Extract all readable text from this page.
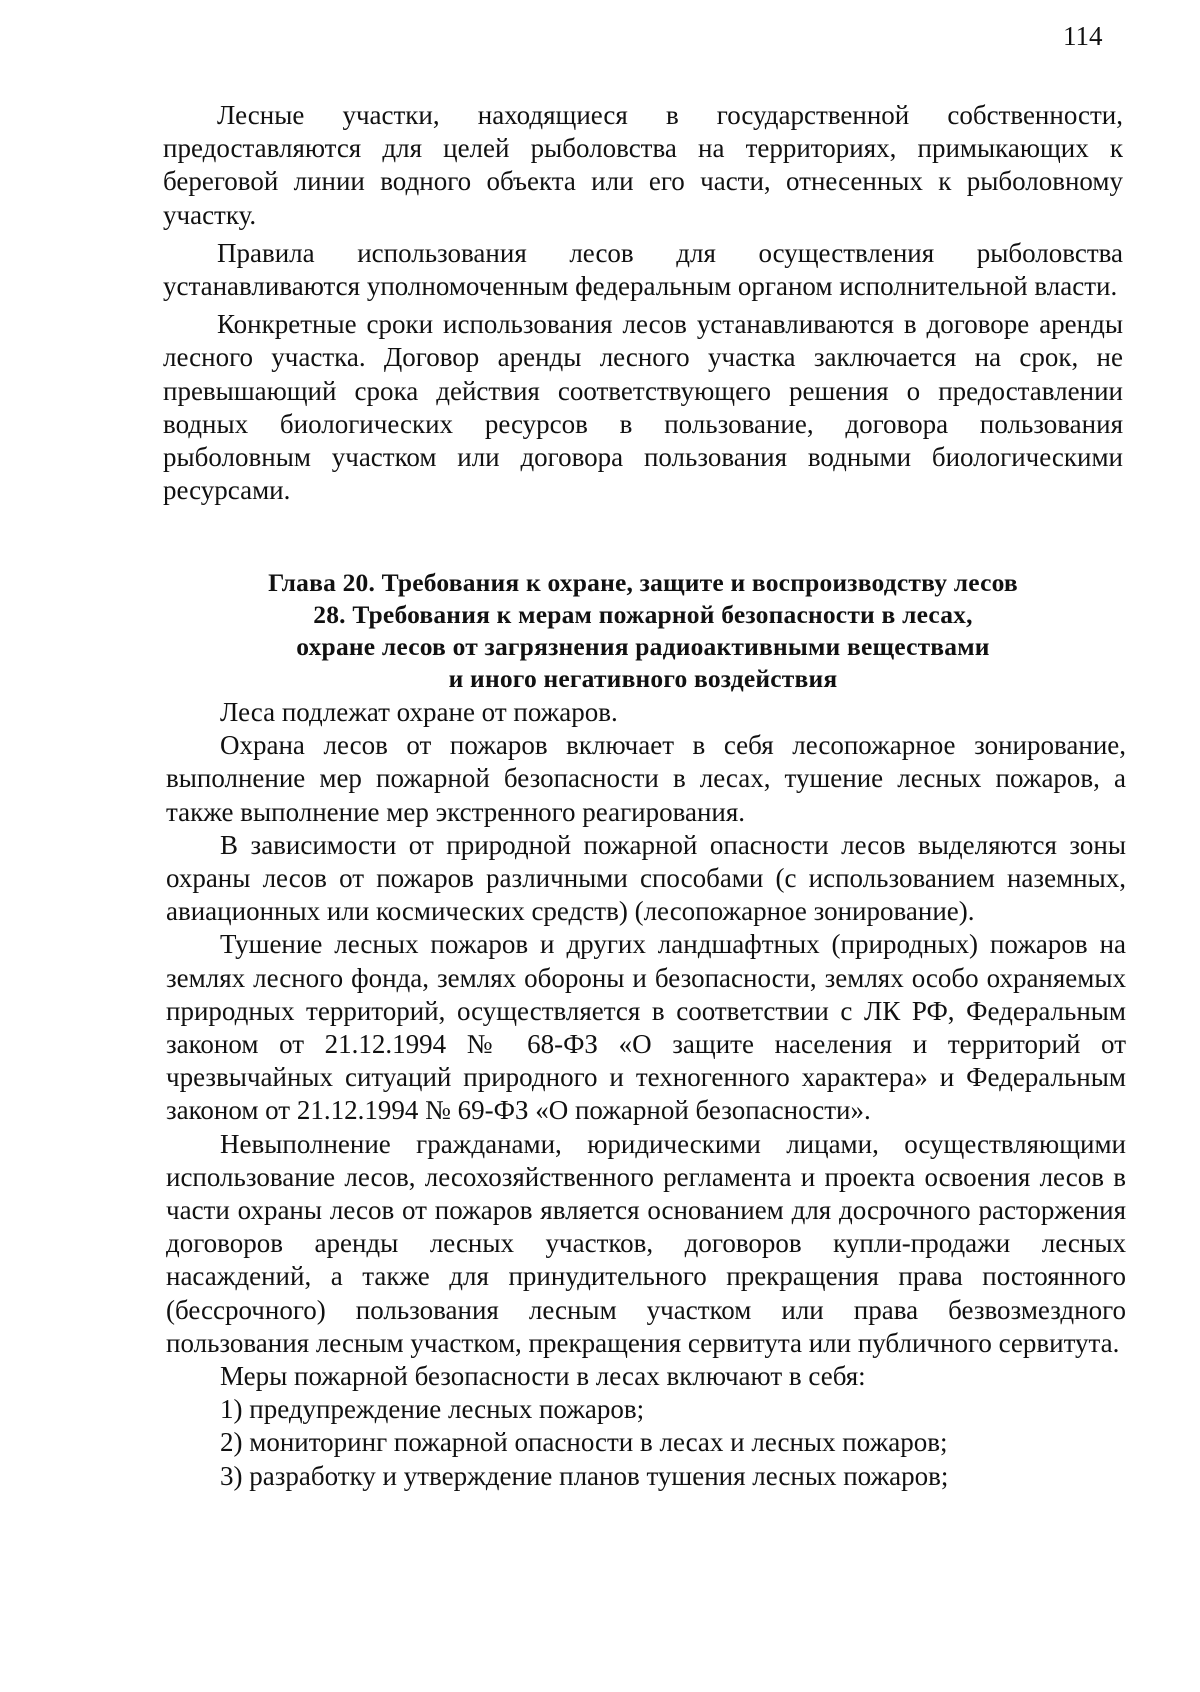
114

Лесные участки, находящиеся в государственной собственности, предоставляются для целей рыболовства на территориях, примыкающих к береговой линии водного объекта или его части, отнесенных к рыболовному участку.

Правила использования лесов для осуществления рыболовства устанавливаются уполномоченным федеральным органом исполнительной власти.

Конкретные сроки использования лесов устанавливаются в договоре аренды лесного участка. Договор аренды лесного участка заключается на срок, не превышающий срока действия соответствующего решения о предоставлении водных биологических ресурсов в пользование, договора пользования рыболовным участком или договора пользования водными биологическими ресурсами.

Глава 20. Требования к охране, защите и воспроизводству лесов
28. Требования к мерам пожарной безопасности в лесах,
охране лесов от загрязнения радиоактивными веществами
и иного негативного воздействия

Леса подлежат охране от пожаров.

Охрана лесов от пожаров включает в себя лесопожарное зонирование, выполнение мер пожарной безопасности в лесах, тушение лесных пожаров, а также выполнение мер экстренного реагирования.

В зависимости от природной пожарной опасности лесов выделяются зоны охраны лесов от пожаров различными способами (с использованием наземных, авиационных или космических средств) (лесопожарное зонирование).

Тушение лесных пожаров и других ландшафтных (природных) пожаров на землях лесного фонда, землях обороны и безопасности, землях особо охраняемых природных территорий, осуществляется в соответствии с ЛК РФ, Федеральным законом от 21.12.1994 № 68-ФЗ «О защите населения и территорий от чрезвычайных ситуаций природного и техногенного характера» и Федеральным законом от 21.12.1994 № 69-ФЗ «О пожарной безопасности».

Невыполнение гражданами, юридическими лицами, осуществляющими использование лесов, лесохозяйственного регламента и проекта освоения лесов в части охраны лесов от пожаров является основанием для досрочного расторжения договоров аренды лесных участков, договоров купли-продажи лесных насаждений, а также для принудительного прекращения права постоянного (бессрочного) пользования лесным участком или права безвозмездного пользования лесным участком, прекращения сервитута или публичного сервитута.

Меры пожарной безопасности в лесах включают в себя:

1) предупреждение лесных пожаров;

2) мониторинг пожарной опасности в лесах и лесных пожаров;

3) разработку и утверждение планов тушения лесных пожаров;
